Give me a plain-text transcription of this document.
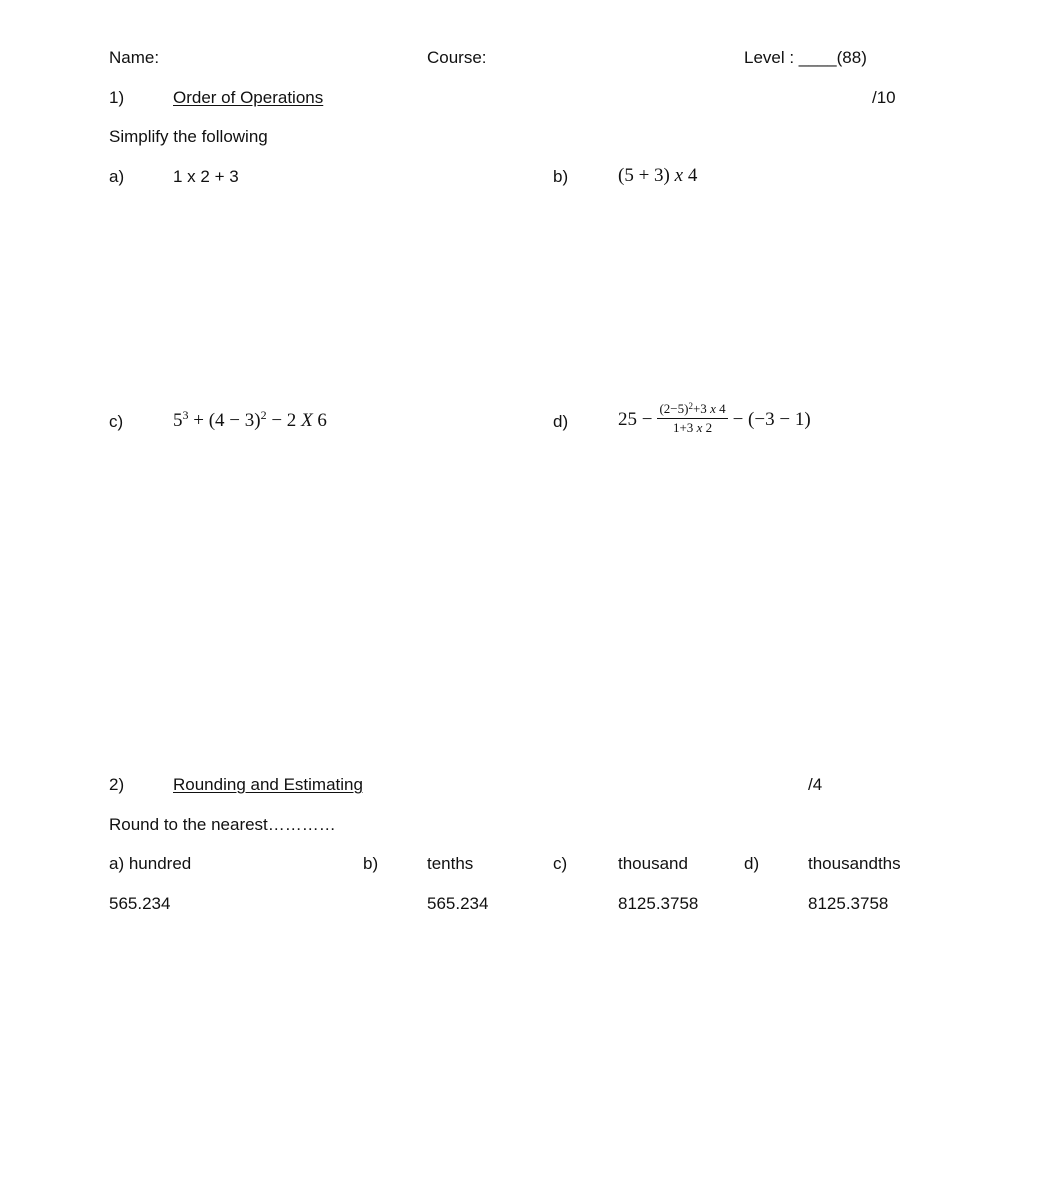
Name:	Course:	Level : ____(88)
1)	Order of Operations	/10
Simplify the following
a)	1 x 2 + 3	b)	(5 + 3) x 4
c)	$5^3 + (4 - 3)^2 - 2$ X 6	d)	$25 - \frac{(2-5)^2+3 x 4}{1+3 x 2} - (-3 - 1)$
2)	Rounding and Estimating	/4
Round to the nearest…………
a) hundred	b)	tenths	c)	thousand	d)	thousandths
565.234	565.234	8125.3758	8125.3758
